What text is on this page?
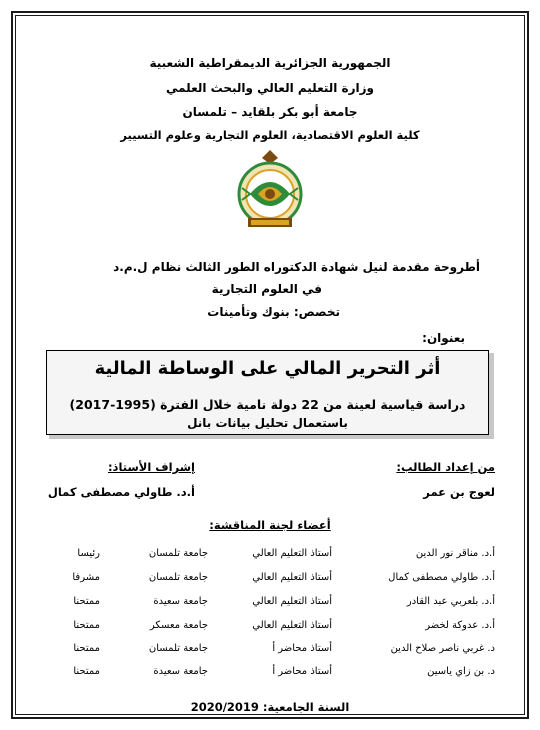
الجمهورية الجزائرية الديمقراطية الشعبية
وزارة التعليم العالي والبحث العلمي
جامعة أبو بكر بلقايد – تلمسان
كلية العلوم الاقتصادية، العلوم التجارية وعلوم التسيير
أطروحة مقدمة لنيل شهادة الدكتوراه الطور الثالث نظام ل.م.د
في العلوم التجارية
تخصص: بنوك وتأمينات
بعنوان:
أثر التحرير المالي على الوساطة المالية
دراسة قياسية لعينة من 22 دولة نامية خلال الفترة (1995-2017)
باستعمال تحليل بيانات بانل
من إعداد الطالب:
إشراف الأستاذ:
لعوج بن عمر
أ.د. طاولي مصطفى كمال
أعضاء لجنة المناقشة:
أ.د. مناقر نور الدين
أستاذ التعليم العالي
جامعة تلمسان
رئيسا
أ.د. طاولي مصطفى كمال
أستاذ التعليم العالي
جامعة تلمسان
مشرفا
أ.د. بلعربي عبد القادر
أستاذ التعليم العالي
جامعة سعيدة
ممتحنا
أ.د. عدوكة لخضر
أستاذ التعليم العالي
جامعة معسكر
ممتحنا
د. غربي ناصر صلاح الدين
أستاذ محاضر أ
جامعة تلمسان
ممتحنا
د. بن زاي ياسين
أستاذ محاضر أ
جامعة سعيدة
ممتحنا
السنة الجامعية: 2020/2019
